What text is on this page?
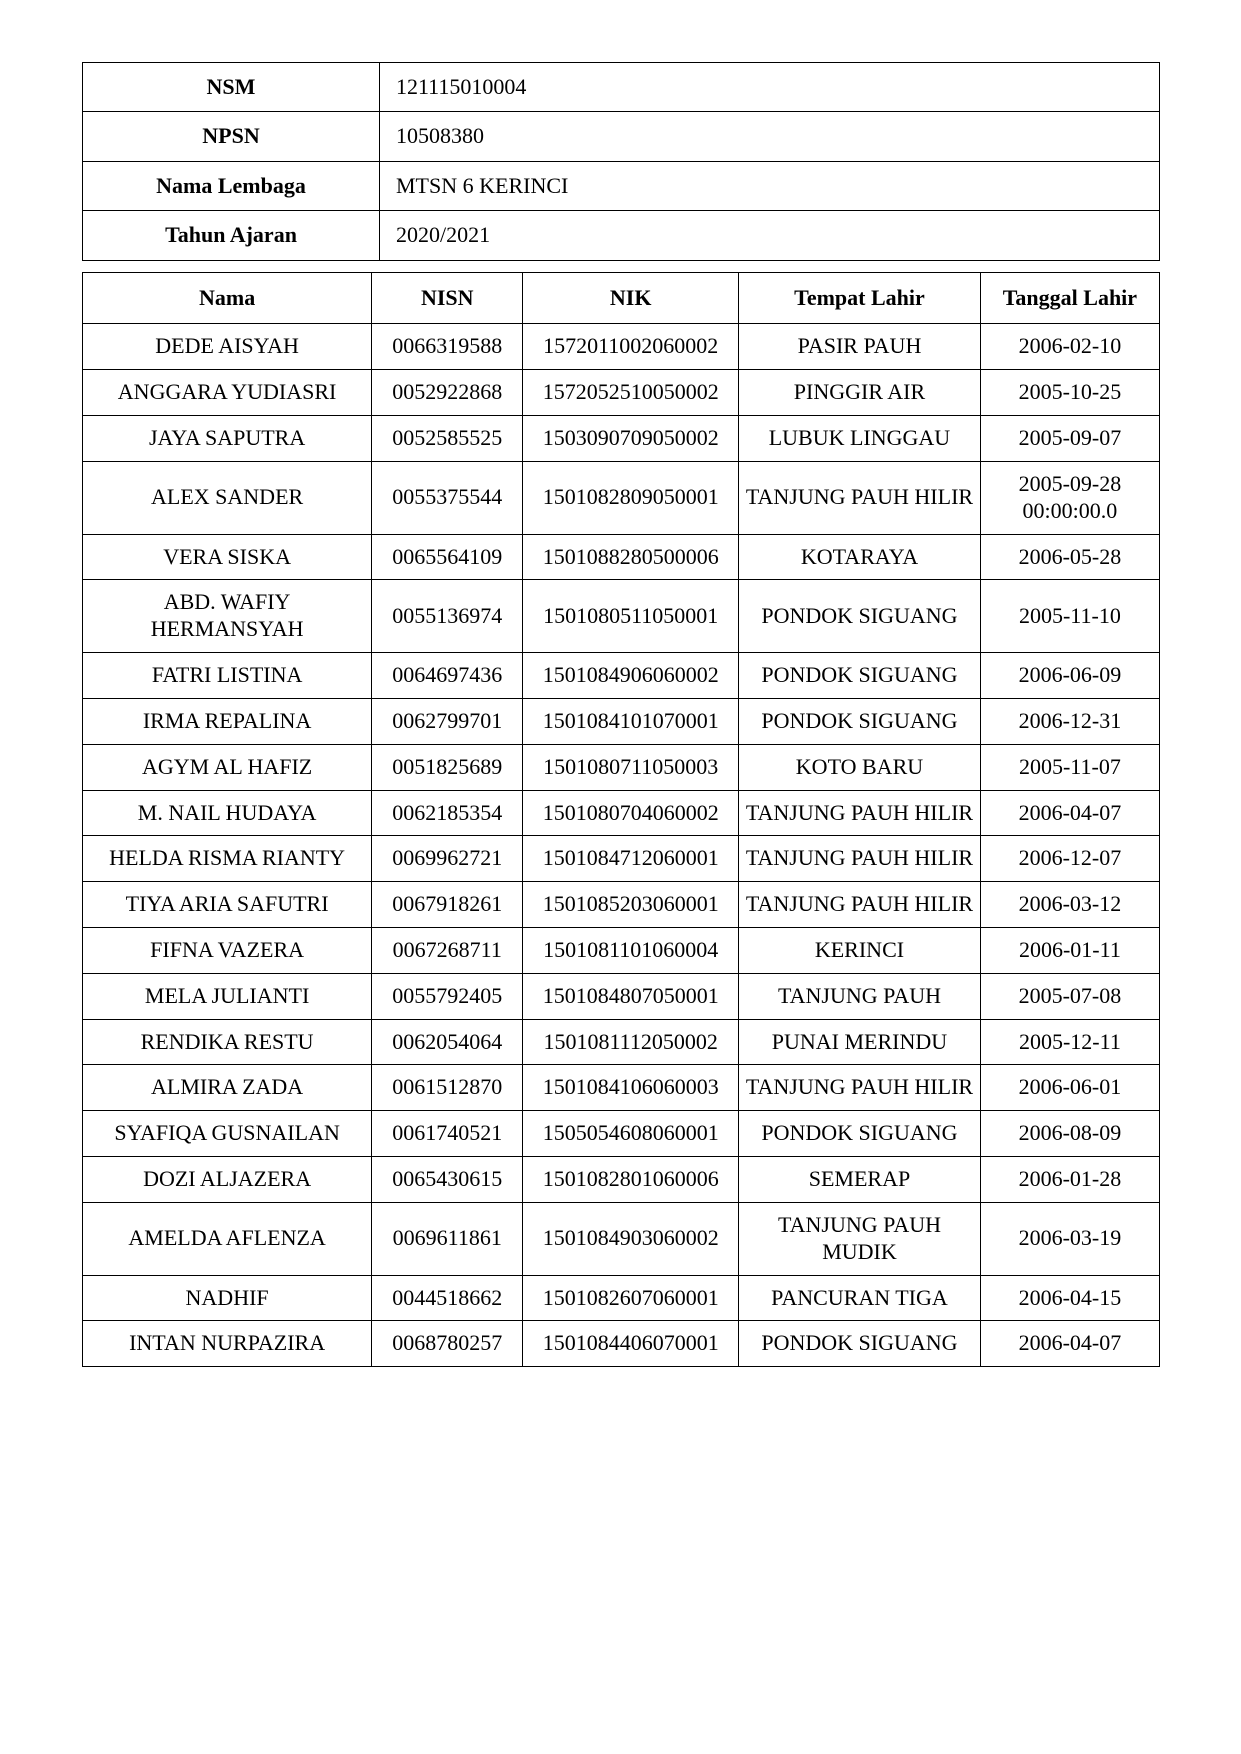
NSM	121115010004
NPSN	10508380
Nama Lembaga	MTSN 6 KERINCI
Tahun Ajaran	2020/2021
Nama	NISN	NIK	Tempat Lahir	Tanggal Lahir
DEDE AISYAH	0066319588	1572011002060002	PASIR PAUH	2006-02-10
ANGGARA YUDIASRI	0052922868	1572052510050002	PINGGIR AIR	2005-10-25
JAYA SAPUTRA	0052585525	1503090709050002	LUBUK LINGGAU	2005-09-07
ALEX SANDER	0055375544	1501082809050001	TANJUNG PAUH HILIR	2005-09-28 00:00:00.0
VERA SISKA	0065564109	1501088280500006	KOTARAYA	2006-05-28
ABD. WAFIY HERMANSYAH	0055136974	1501080511050001	PONDOK SIGUANG	2005-11-10
FATRI LISTINA	0064697436	1501084906060002	PONDOK SIGUANG	2006-06-09
IRMA REPALINA	0062799701	1501084101070001	PONDOK SIGUANG	2006-12-31
AGYM AL HAFIZ	0051825689	1501080711050003	KOTO BARU	2005-11-07
M. NAIL HUDAYA	0062185354	1501080704060002	TANJUNG PAUH HILIR	2006-04-07
HELDA RISMA RIANTY	0069962721	1501084712060001	TANJUNG PAUH HILIR	2006-12-07
TIYA ARIA SAFUTRI	0067918261	1501085203060001	TANJUNG PAUH HILIR	2006-03-12
FIFNA VAZERA	0067268711	1501081101060004	KERINCI	2006-01-11
MELA JULIANTI	0055792405	1501084807050001	TANJUNG PAUH	2005-07-08
RENDIKA RESTU	0062054064	1501081112050002	PUNAI MERINDU	2005-12-11
ALMIRA ZADA	0061512870	1501084106060003	TANJUNG PAUH HILIR	2006-06-01
SYAFIQA GUSNAILAN	0061740521	1505054608060001	PONDOK SIGUANG	2006-08-09
DOZI ALJAZERA	0065430615	1501082801060006	SEMERAP	2006-01-28
AMELDA AFLENZA	0069611861	1501084903060002	TANJUNG PAUH MUDIK	2006-03-19
NADHIF	0044518662	1501082607060001	PANCURAN TIGA	2006-04-15
INTAN NURPAZIRA	0068780257	1501084406070001	PONDOK SIGUANG	2006-04-07
